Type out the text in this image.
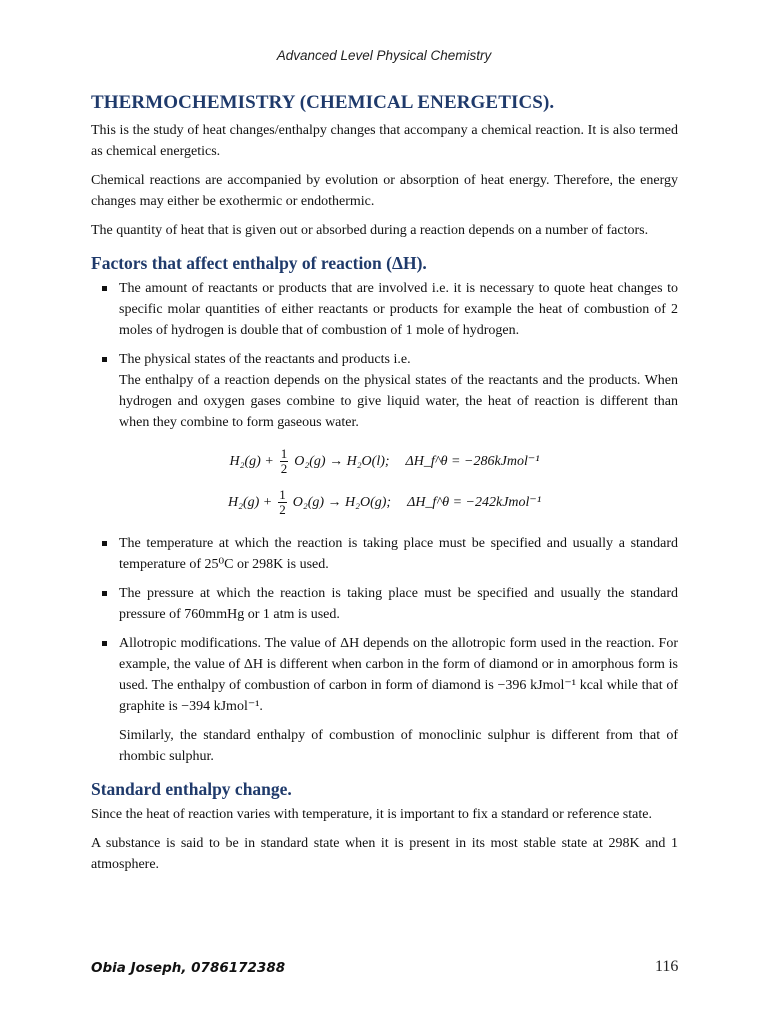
Advanced Level Physical Chemistry
THERMOCHEMISTRY (CHEMICAL ENERGETICS).

This is the study of heat changes/enthalpy changes that accompany a chemical reaction. It is also termed as chemical energetics.

Chemical reactions are accompanied by evolution or absorption of heat energy. Therefore, the energy changes may either be exothermic or endothermic.

The quantity of heat that is given out or absorbed during a reaction depends on a number of factors.

Factors that affect enthalpy of reaction (ΔH).
The amount of reactants or products that are involved i.e. it is necessary to quote heat changes to specific molar quantities of either reactants or products for example the heat of combustion of 2 moles of hydrogen is double that of combustion of 1 mole of hydrogen.
The physical states of the reactants and products i.e.
The enthalpy of a reaction depends on the physical states of the reactants and the products. When hydrogen and oxygen gases combine to give liquid water, the heat of reaction is different than when they combine to form gaseous water.
$H_2(g) + \frac{1}{2} O_2(g) \to H_2O(l)$; ΔH_f^θ = −286kJmol⁻¹
$H_2(g) + \frac{1}{2} O_2(g) \to H_2O(g)$; ΔH_f^θ = −242kJmol⁻¹
The temperature at which the reaction is taking place must be specified and usually a standard temperature of 25⁰C or 298K is used.
The pressure at which the reaction is taking place must be specified and usually the standard pressure of 760mmHg or 1 atm is used.
Allotropic modifications. The value of ΔH depends on the allotropic form used in the reaction. For example, the value of ΔH is different when carbon in the form of diamond or in amorphous form is used. The enthalpy of combustion of carbon in form of diamond is −396 kJmol⁻¹ kcal while that of graphite is −394 kJmol⁻¹.

Similarly, the standard enthalpy of combustion of monoclinic sulphur is different from that of rhombic sulphur.

Standard enthalpy change.

Since the heat of reaction varies with temperature, it is important to fix a standard or reference state.

A substance is said to be in standard state when it is present in its most stable state at 298K and 1 atmosphere.

Obia Joseph, 0786172388	116
